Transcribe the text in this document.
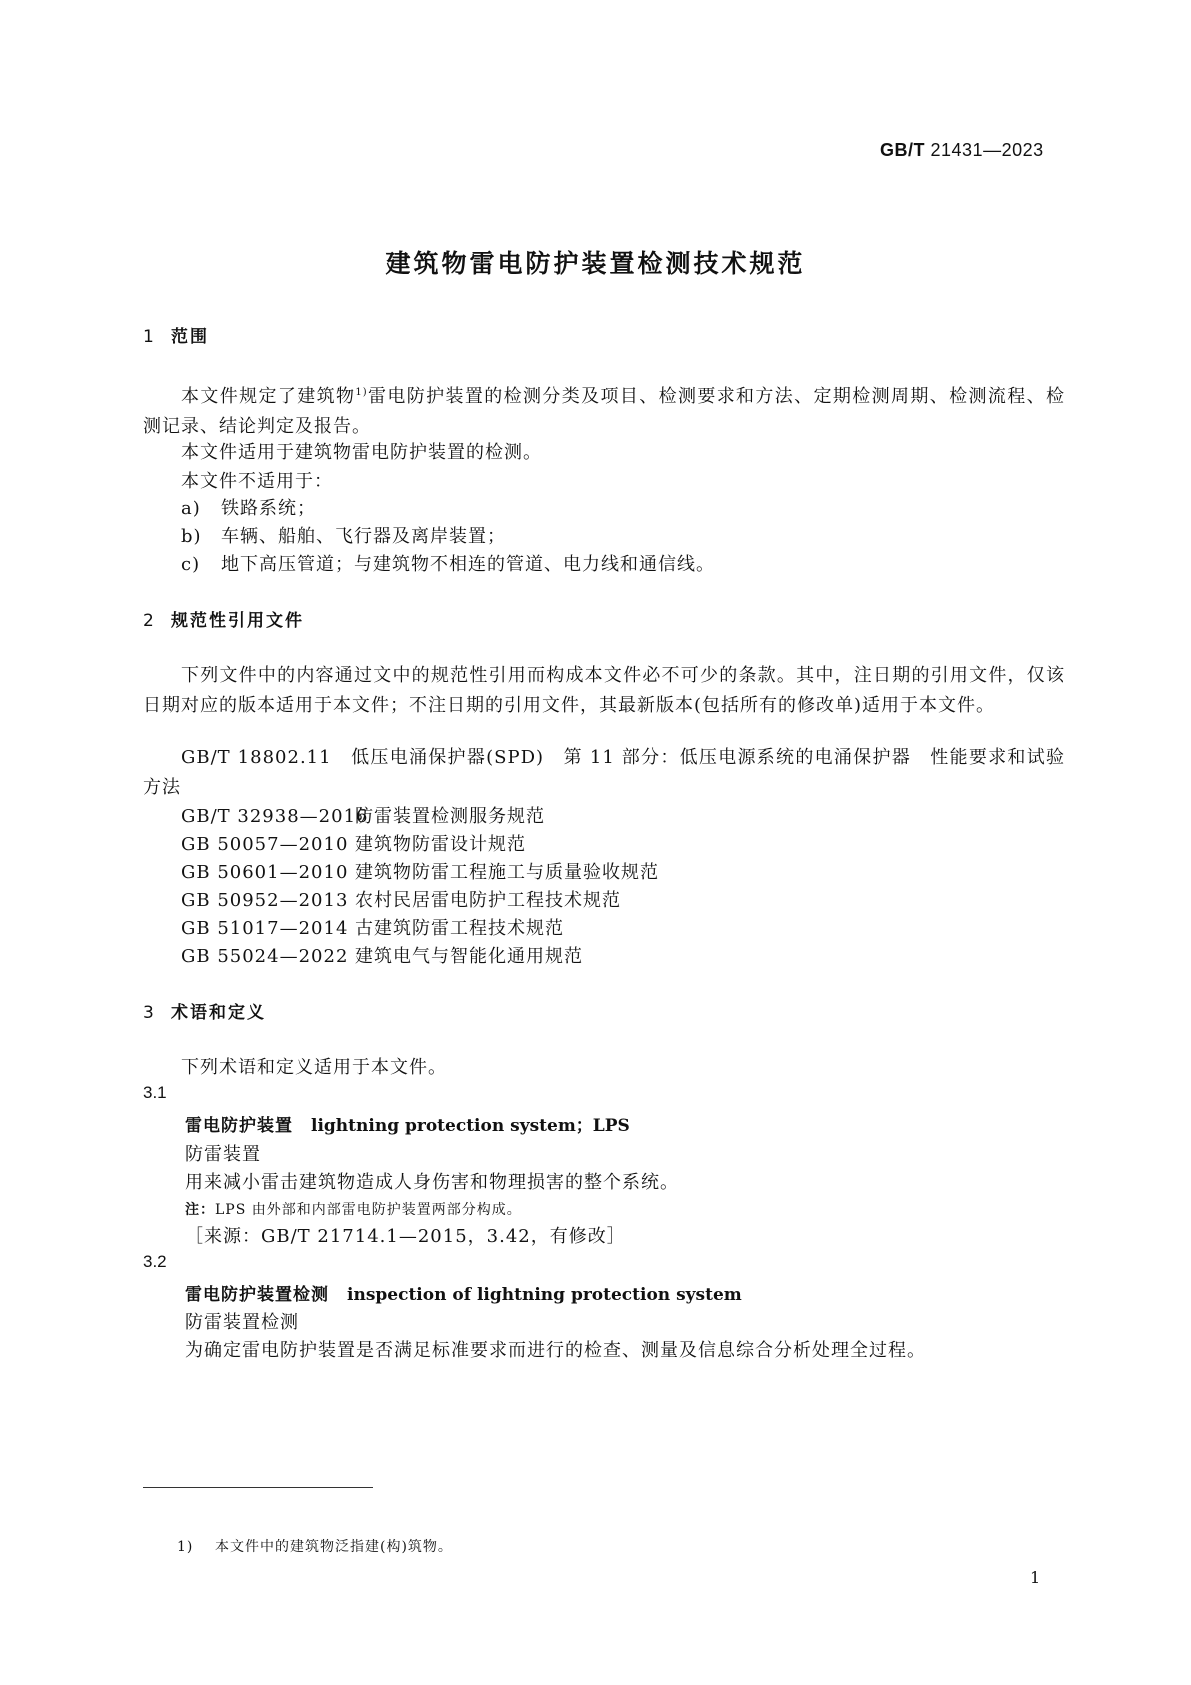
GB/T 21431—2023
建筑物雷电防护装置检测技术规范
1 范围
本文件规定了建筑物$^{1)}$雷电防护装置的检测分类及项目、检测要求和方法、定期检测周期、检测流程、检测记录、结论判定及报告。
本文件适用于建筑物雷电防护装置的检测。
本文件不适用于：
a) 铁路系统；
b) 车辆、船舶、飞行器及离岸装置；
c) 地下高压管道；与建筑物不相连的管道、电力线和通信线。
2 规范性引用文件
下列文件中的内容通过文中的规范性引用而构成本文件必不可少的条款。其中，注日期的引用文件，仅该日期对应的版本适用于本文件；不注日期的引用文件，其最新版本(包括所有的修改单)适用于本文件。
GB/T 18802.11　低压电涌保护器(SPD)　第 11 部分：低压电源系统的电涌保护器　性能要求和试验方法
GB/T 32938—2016防雷装置检测服务规范
GB 50057—2010 建筑物防雷设计规范
GB 50601—2010 建筑物防雷工程施工与质量验收规范
GB 50952—2013 农村民居雷电防护工程技术规范
GB 51017—2014 古建筑防雷工程技术规范
GB 55024—2022 建筑电气与智能化通用规范
3 术语和定义
下列术语和定义适用于本文件。
3.1
雷电防护装置 lightning protection system；LPS
防雷装置
用来减小雷击建筑物造成人身伤害和物理损害的整个系统。
注：LPS 由外部和内部雷电防护装置两部分构成。
［来源：GB/T 21714.1—2015，3.42，有修改］
3.2
雷电防护装置检测 inspection of lightning protection system
防雷装置检测
为确定雷电防护装置是否满足标准要求而进行的检查、测量及信息综合分析处理全过程。
1) 本文件中的建筑物泛指建(构)筑物。
1
